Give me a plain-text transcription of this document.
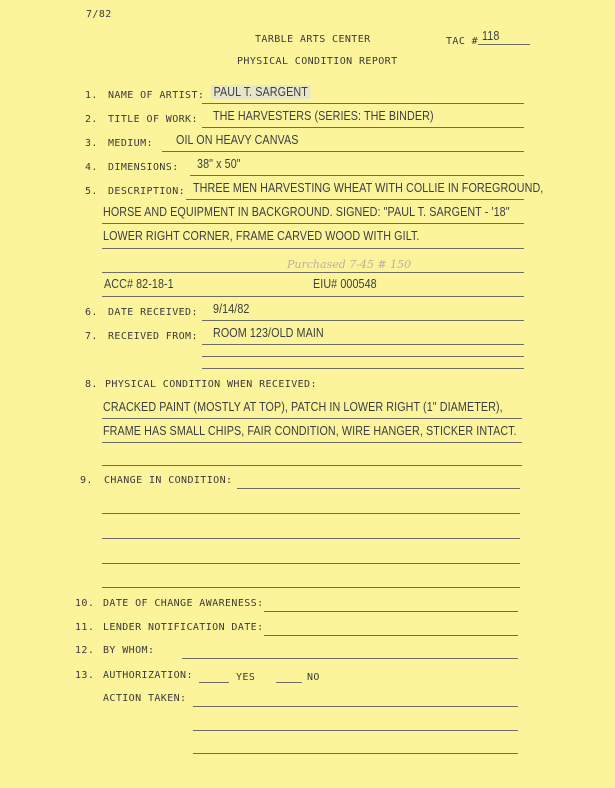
7/82
TARBLE ARTS CENTER	TAC # 118
PHYSICAL CONDITION REPORT
1. NAME OF ARTIST: PAUL T. SARGENT
2. TITLE OF WORK: THE HARVESTERS (SERIES: THE BINDER)
3. MEDIUM: OIL ON HEAVY CANVAS
4. DIMENSIONS: 38" x 50"
5. DESCRIPTION: THREE MEN HARVESTING WHEAT WITH COLLIE IN FOREGROUND,
HORSE AND EQUIPMENT IN BACKGROUND. SIGNED: "PAUL T. SARGENT - '18"
LOWER RIGHT CORNER, FRAME CARVED WOOD WITH GILT.
Purchased 7-45 # 150
ACC# 82-18-1	EIU# 000548
6. DATE RECEIVED: 9/14/82
7. RECEIVED FROM: ROOM 123/OLD MAIN
8. PHYSICAL CONDITION WHEN RECEIVED:
CRACKED PAINT (MOSTLY AT TOP), PATCH IN LOWER RIGHT (1" DIAMETER),
FRAME HAS SMALL CHIPS, FAIR CONDITION, WIRE HANGER, STICKER INTACT.
9. CHANGE IN CONDITION:
10. DATE OF CHANGE AWARENESS:
11. LENDER NOTIFICATION DATE:
12. BY WHOM:
13. AUTHORIZATION:	YES	NO
ACTION TAKEN:
